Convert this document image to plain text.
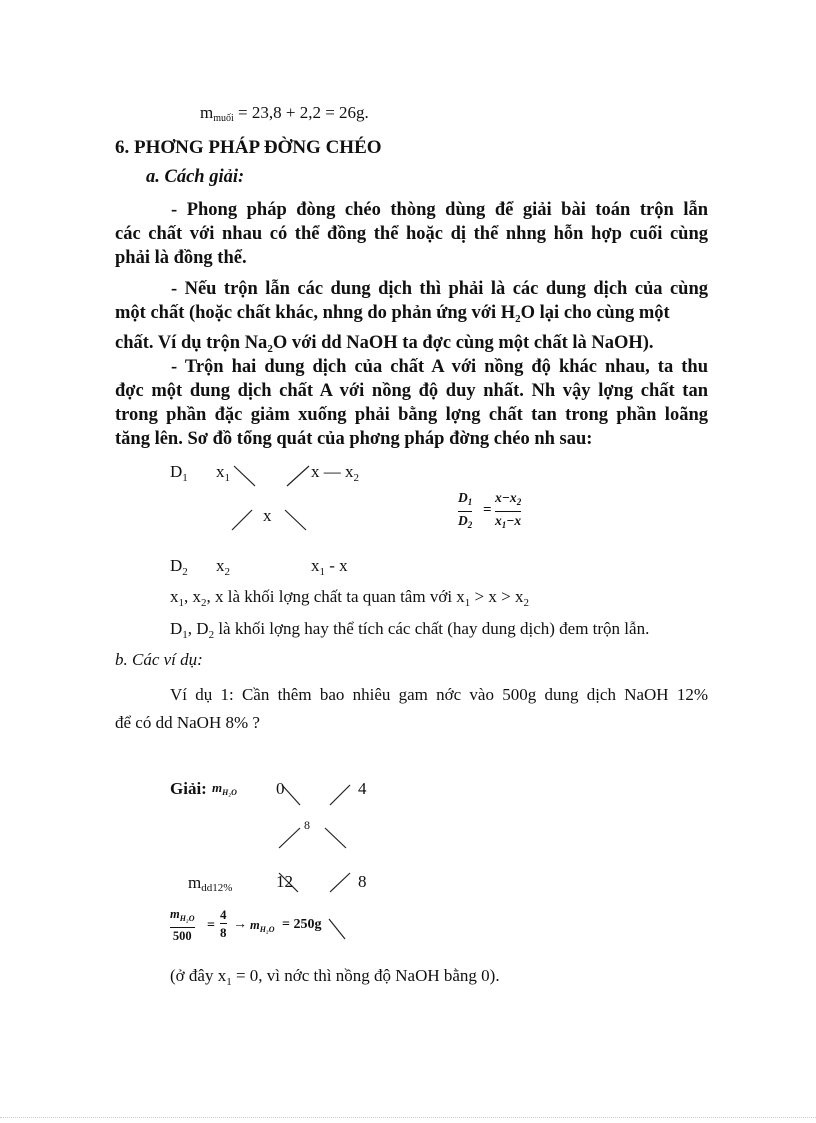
$m_{muối} = 23,8 + 2,2 = 26g$.
6. PHƠNG PHÁP ĐỜNG CHÉO
a. Cách giải:
- Phong pháp đòng chéo thòng dùng để giải bài toán trộn lẫn
các chất với nhau có thể đồng thể hoặc dị thể nhng hỗn hợp cuối cùng
phải là đồng thể.
- Nếu trộn lẫn các dung dịch thì phải là các dung dịch của cùng
một chất (hoặc chất khác, nhng do phản ứng với $H_2O$ lại cho cùng một
chất. Ví dụ trộn $Na_2O$ với dd NaOH ta đợc cùng một chất là NaOH).
- Trộn hai dung dịch của chất A với nồng độ khác nhau, ta thu
đợc một dung dịch chất A với nồng độ duy nhất. Nh vậy lợng chất tan
trong phần đặc giảm xuống phải bằng lợng chất tan trong phần loãng
tăng lên. Sơ đồ tổng quát của phơng pháp đờng chéo nh sau:
$D_1$ $x_1$	x — $x_2$
x
$D_2$ $x_2$	$x_1$ - x
$D_1$
$D_2$
=
$x-x_2$
$x_1-x$
$x_1$, $x_2$, x là khối lợng chất ta quan tâm với $x_1 > x > x_2$
$D_1$, $D_2$ là khối lợng hay thể tích các chất (hay dung dịch) đem trộn lẫn.
b. Các ví dụ:
Ví dụ 1: Cần thêm bao nhiêu gam nớc vào 500g dung dịch NaOH 12%
để có dd NaOH 8% ?
Giải: $m_{H_2O}$ 0	4
8
mdd12%	12	8
$m_{H_2O}$
500
=
4
8
→ $m_{H_2O} = 250g$
(ở đây $x_1 = 0$, vì nớc thì nồng độ NaOH bằng 0).
